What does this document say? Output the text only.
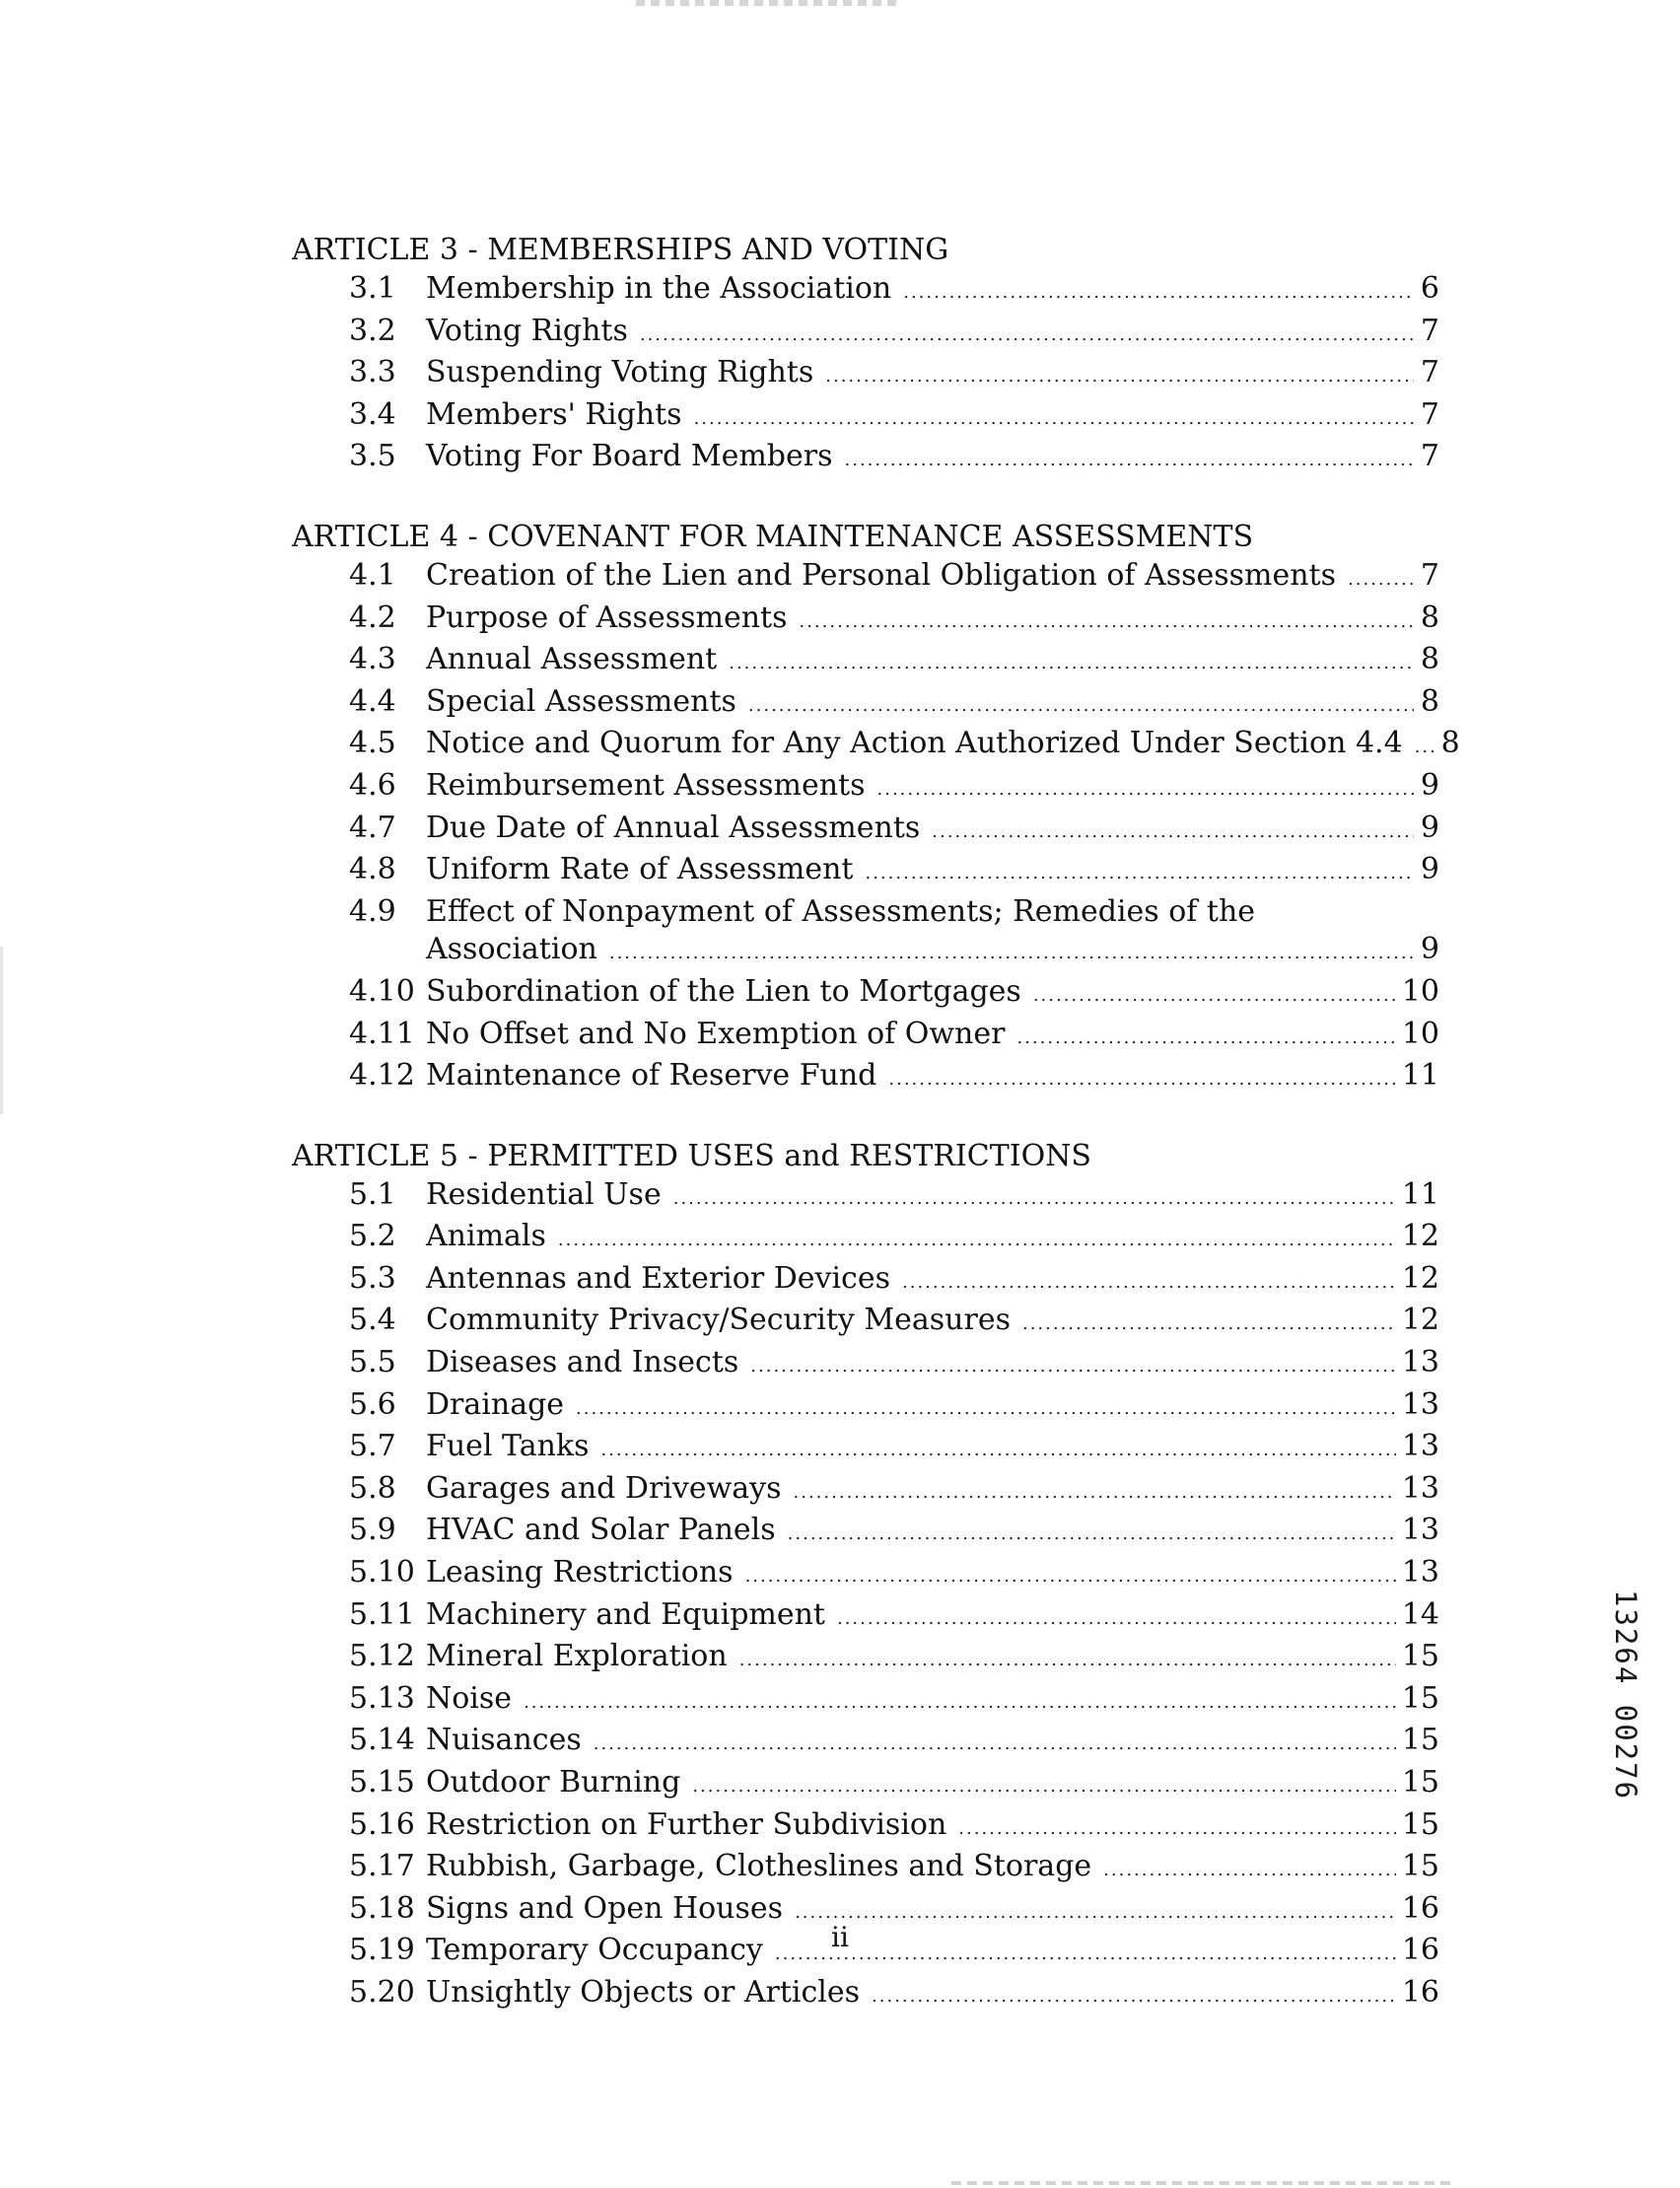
ARTICLE 3 - MEMBERSHIPS AND VOTING
3.1	Membership in the Association .....	6
3.2	Voting Rights .....	7
3.3	Suspending Voting Rights .....	7
3.4	Members' Rights .....	7
3.5	Voting For Board Members .....	7
ARTICLE 4 - COVENANT FOR MAINTENANCE ASSESSMENTS
4.1	Creation of the Lien and Personal Obligation of Assessments .....	7
4.2	Purpose of Assessments .....	8
4.3	Annual Assessment .....	8
4.4	Special Assessments .....	8
4.5	Notice and Quorum for Any Action Authorized Under Section 4.4 ..... 8
4.6	Reimbursement Assessments .....	9
4.7	Due Date of Annual Assessments .....	9
4.8	Uniform Rate of Assessment .....	9
4.9	Effect of Nonpayment of Assessments; Remedies of the
Association .....	9
4.10 Subordination of the Lien to Mortgages .....	10
4.11 No Offset and No Exemption of Owner .....	10
4.12 Maintenance of Reserve Fund .....	11
ARTICLE 5 - PERMITTED USES and RESTRICTIONS
5.1	Residential Use .....	11
5.2	Animals .....	12
5.3	Antennas and Exterior Devices .....	12
5.4	Community Privacy/Security Measures .....	12
5.5	Diseases and Insects .....	13
5.6	Drainage .....	13
5.7	Fuel Tanks .....	13
5.8	Garages and Driveways .....	13
5.9	HVAC and Solar Panels .....	13
5.10 Leasing Restrictions .....	13
5.11 Machinery and Equipment .....	14
5.12 Mineral Exploration .....	15
5.13 Noise .....	15
5.14 Nuisances .....	15
5.15 Outdoor Burning .....	15
5.16 Restriction on Further Subdivision .....	15
5.17 Rubbish, Garbage, Clotheslines and Storage .....	15
5.18 Signs and Open Houses .....	16
5.19 Temporary Occupancy .....	16
5.20 Unsightly Objects or Articles .....	16
ii
13264 00276
